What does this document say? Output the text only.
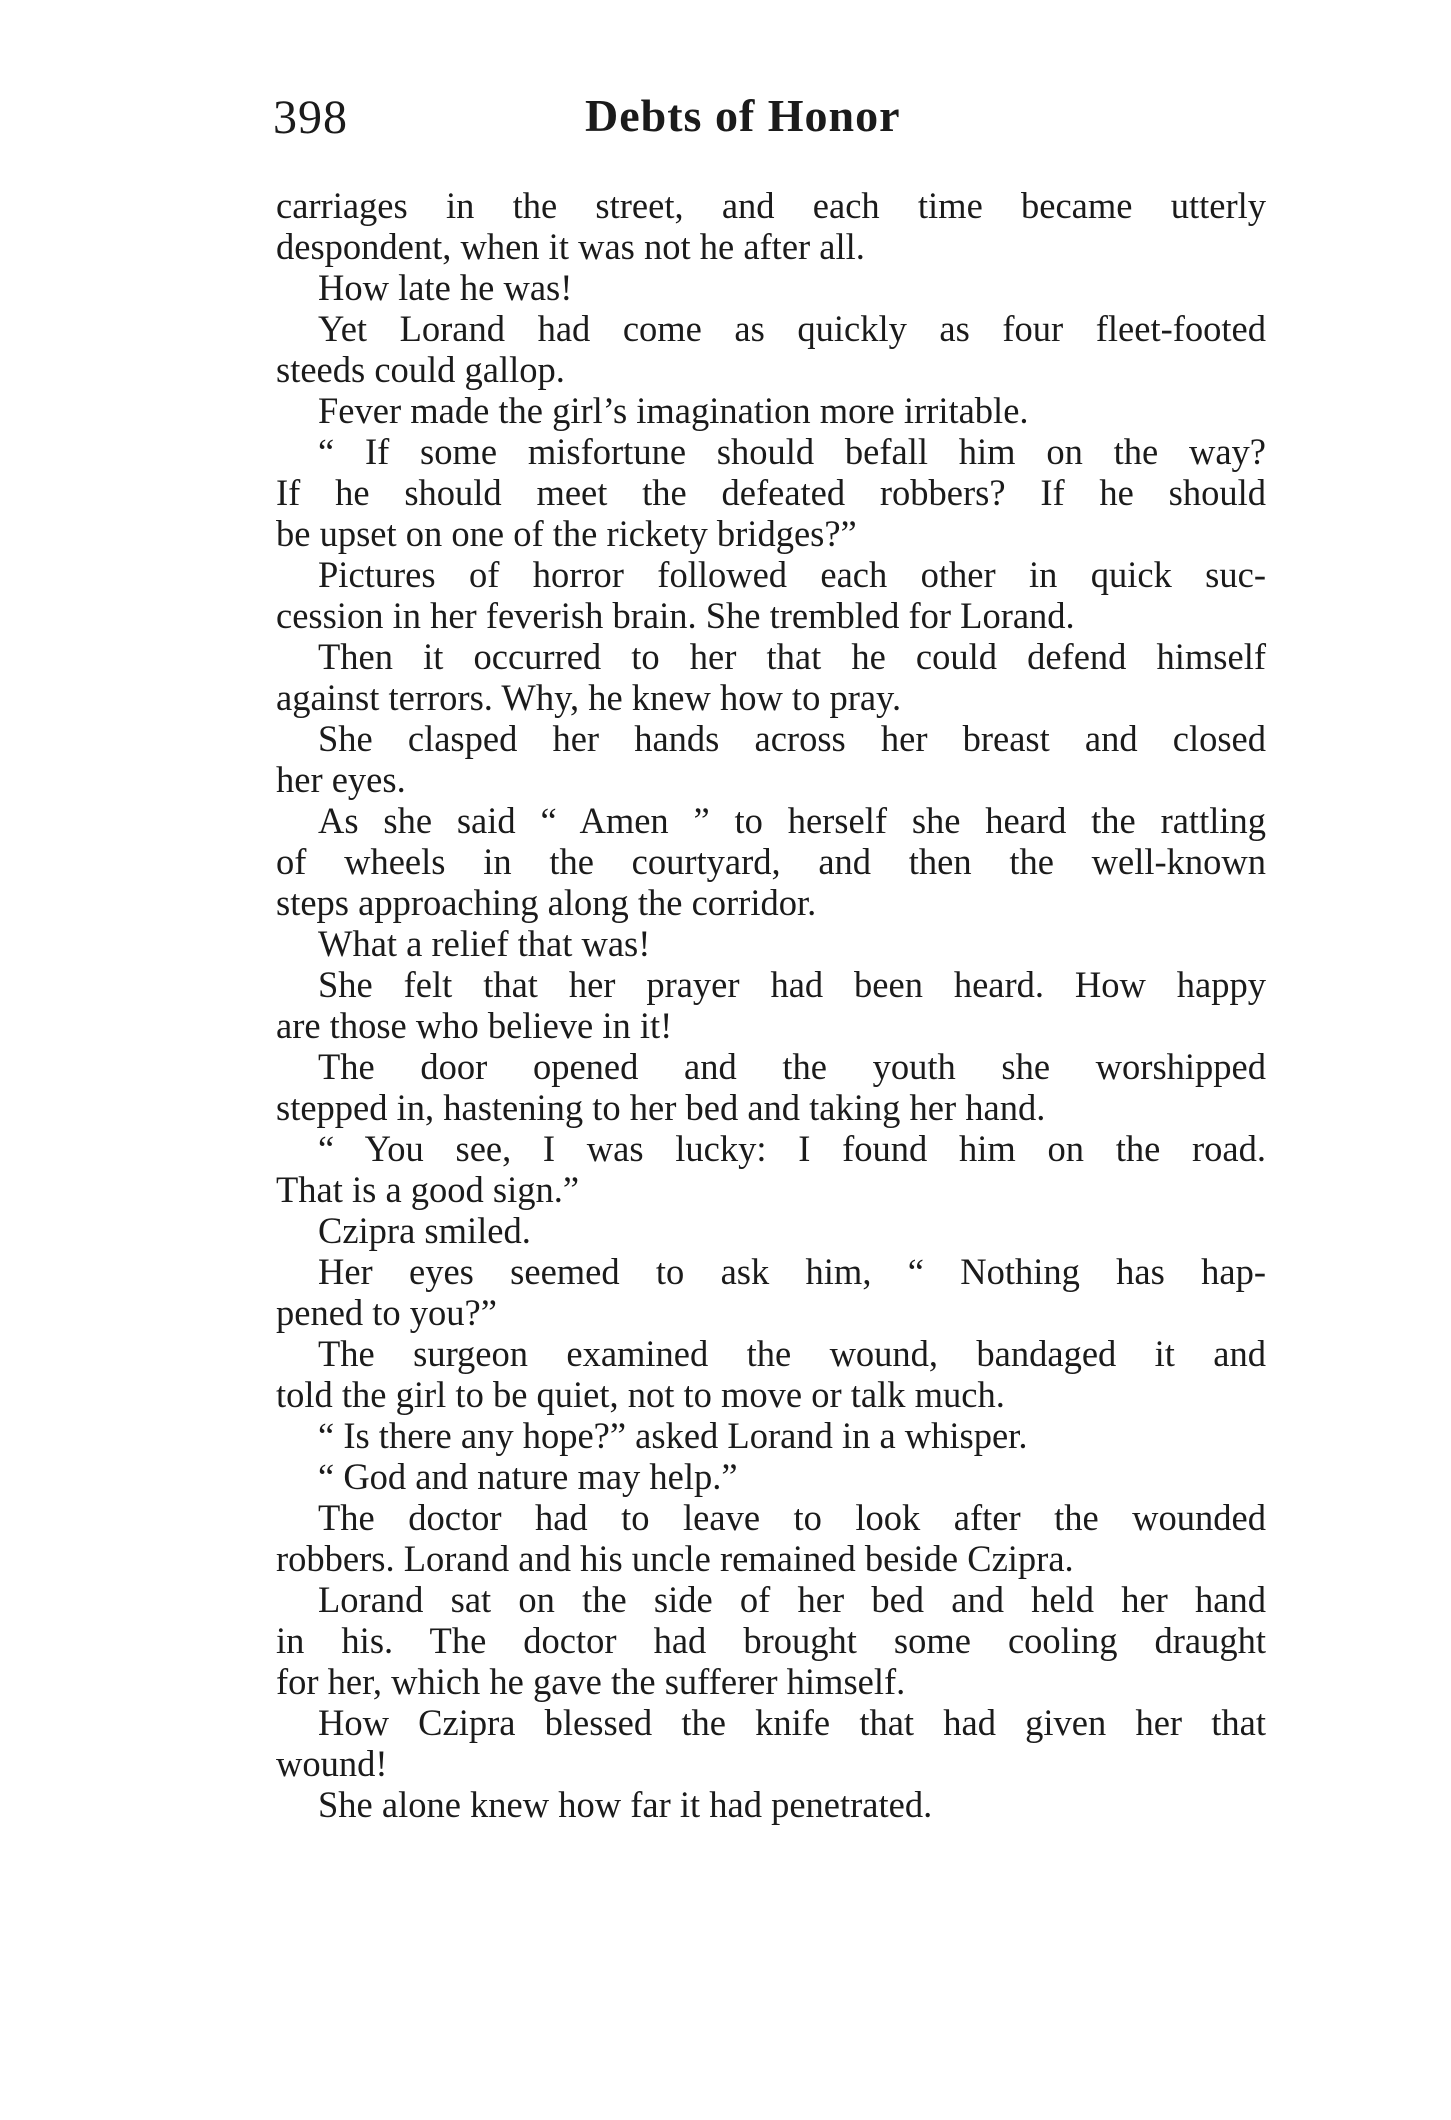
398	Debts of Honor
carriages in the street, and each time became utterly
despondent, when it was not he after all.
How late he was!
Yet Lorand had come as quickly as four fleet-footed
steeds could gallop.
Fever made the girl’s imagination more irritable.
“ If some misfortune should befall him on the way?
If he should meet the defeated robbers? If he should
be upset on one of the rickety bridges?”
Pictures of horror followed each other in quick suc-
cession in her feverish brain. She trembled for Lorand.
Then it occurred to her that he could defend himself
against terrors. Why, he knew how to pray.
She clasped her hands across her breast and closed
her eyes.
As she said “ Amen ” to herself she heard the rattling
of wheels in the courtyard, and then the well-known
steps approaching along the corridor.
What a relief that was!
She felt that her prayer had been heard. How happy
are those who believe in it!
The door opened and the youth she worshipped
stepped in, hastening to her bed and taking her hand.
“ You see, I was lucky: I found him on the road.
That is a good sign.”
Czipra smiled.
Her eyes seemed to ask him, “ Nothing has hap-
pened to you?”
The surgeon examined the wound, bandaged it and
told the girl to be quiet, not to move or talk much.
“ Is there any hope?” asked Lorand in a whisper.
“ God and nature may help.”
The doctor had to leave to look after the wounded
robbers. Lorand and his uncle remained beside Czipra.
Lorand sat on the side of her bed and held her hand
in his. The doctor had brought some cooling draught
for her, which he gave the sufferer himself.
How Czipra blessed the knife that had given her that
wound!
She alone knew how far it had penetrated.
